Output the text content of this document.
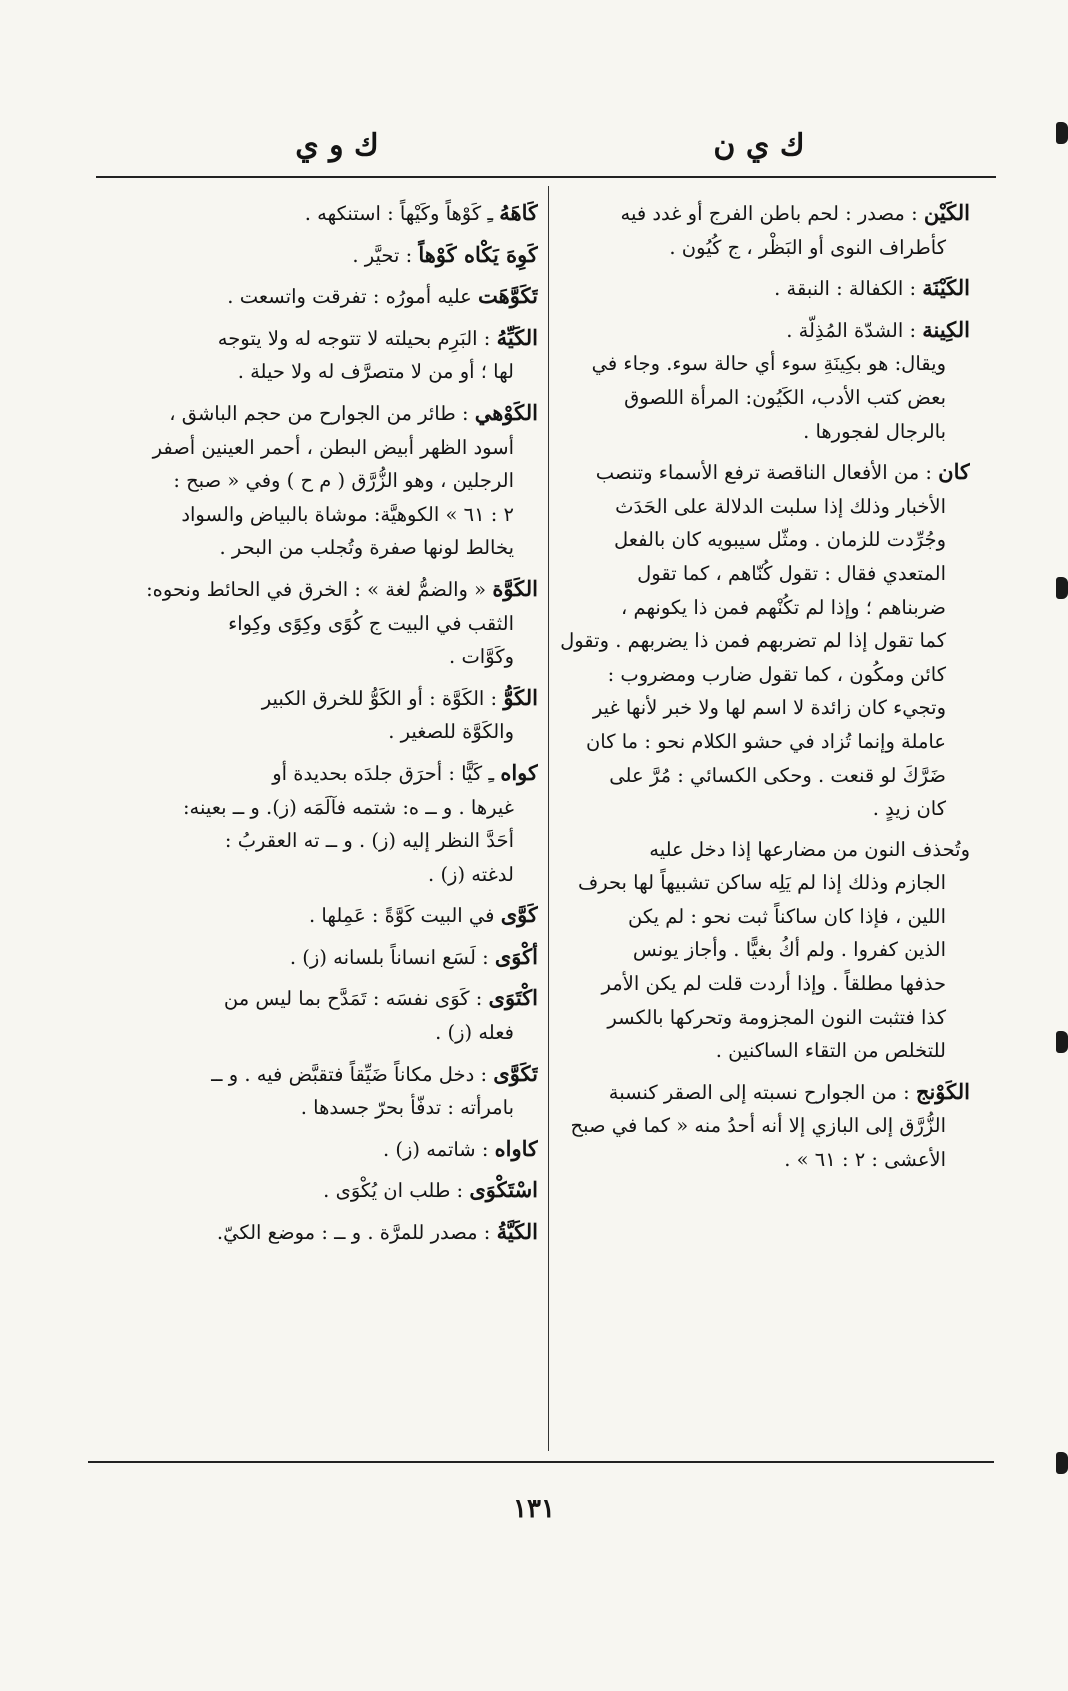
ك ي ن
ك و ي

الكَيْن : مصدر : لحم باطن الفرج أو غدد فيه

كأطراف النوى أو البَظْر ، ج كُيُون .

الكَيْنَة : الكفالة : النبقة .

الكِينة : الشدّة المُذِلّة .

ويقال: هو بكِينَةِ سوء أي حالة سوء. وجاء في

بعض كتب الأدب، الكَيُون: المرأة اللصوق

بالرجال لفجورها .

كان : من الأفعال الناقصة ترفع الأسماء وتنصب

الأخبار وذلك إذا سلبت الدلالة على الحَدَث

وجُرِّدت للزمان . ومثّل سيبويه كان بالفعل

المتعدي فقال : تقول كُنّاهم ، كما تقول

ضربناهم ؛ وإذا لم تكُنْهم فمن ذا يكونهم ،

كما تقول إذا لم تضربهم فمن ذا يضربهم . وتقول

كائن ومكُون ، كما تقول ضارب ومضروب :

وتجيء كان زائدة لا اسم لها ولا خبر لأنها غير

عاملة وإنما تُزاد في حشو الكلام نحو : ما كان

ضَرَّكَ لو قنعت . وحكى الكسائي : مُرَّ على

كان زيدٍ .

وتُحذف النون من مضارعها إذا دخل عليه

الجازم وذلك إذا لم يَلِه ساكن تشبيهاً لها بحرف

اللين ، فإذا كان ساكناً ثبت نحو : لم يكن

الذين كفروا . ولم أكُ بغيًّا . وأجاز يونس

حذفها مطلقاً . وإذا أردت قلت لم يكن الأمر

كذا فتثبت النون المجزومة وتحركها بالكسر

للتخلص من التقاء الساكنين .

الكَوْنج : من الجوارح نسبته إلى الصقر كنسبة

الزُّرَّق إلى البازي إلا أنه أحدُ منه « كما في صبح

الأعشى : ٢ : ٦١ » .

كَاهَهُ ـِ كَوْهاً وكَيْهاً : استنكهه .

كَوِهَ يَكْاه كَوْهاً : تحيَّر .

تَكَوَّهَت عليه أمورُه : تفرقت واتسعت .

الكَيِّهُ : البَرِم بحيلته لا تتوجه له ولا يتوجه

لها ؛ أو من لا متصرَّف له ولا حيلة .

الكَوْهي : طائر من الجوارح من حجم الباشق ،

أسود الظهر أبيض البطن ، أحمر العينين أصفر

الرجلين ، وهو الزُّرَّق ( م ح ) وفي « صبح :

٢ : ٦١ » الكوهيَّة: موشاة بالبياض والسواد

يخالط لونها صفرة وتُجلب من البحر .

الكَوَّة « والضمُّ لغة » : الخرق في الحائط ونحوه:

الثقب في البيت ج كُوًى وكِوًى وكِواء

وكَوَّات .

الكَوُّ : الكَوَّة : أو الكَوُّ للخرق الكبير

والكَوَّة للصغير .

كواه ـِ كَيًّا : أحرَق جلدَه بحديدة أو

غيرها . و ــ ه: شتمه فآلَمَه (ز). و ــ بعينه:

أحَدَّ النظر إليه (ز) . و ــ ته العقربُ :

لدغته (ز) .

كَوَّى في البيت كَوَّةً : عَمِلها .

أكْوَى : لَسَع انساناً بلسانه (ز) .

اكْتَوَى : كَوَى نفسَه : تَمَدَّح بما ليس من

فعله (ز) .

تَكَوَّى : دخل مكاناً ضَيِّقاً فتقبَّض فيه . و ــ

بامرأته : تدفّأ بحرّ جسدها .

كاواه : شاتمه (ز) .

اسْتَكْوَى : طلب ان يُكْوَى .

الكَيَّةُ : مصدر للمرَّة . و ــ : موضع الكيّ.

١٣١
